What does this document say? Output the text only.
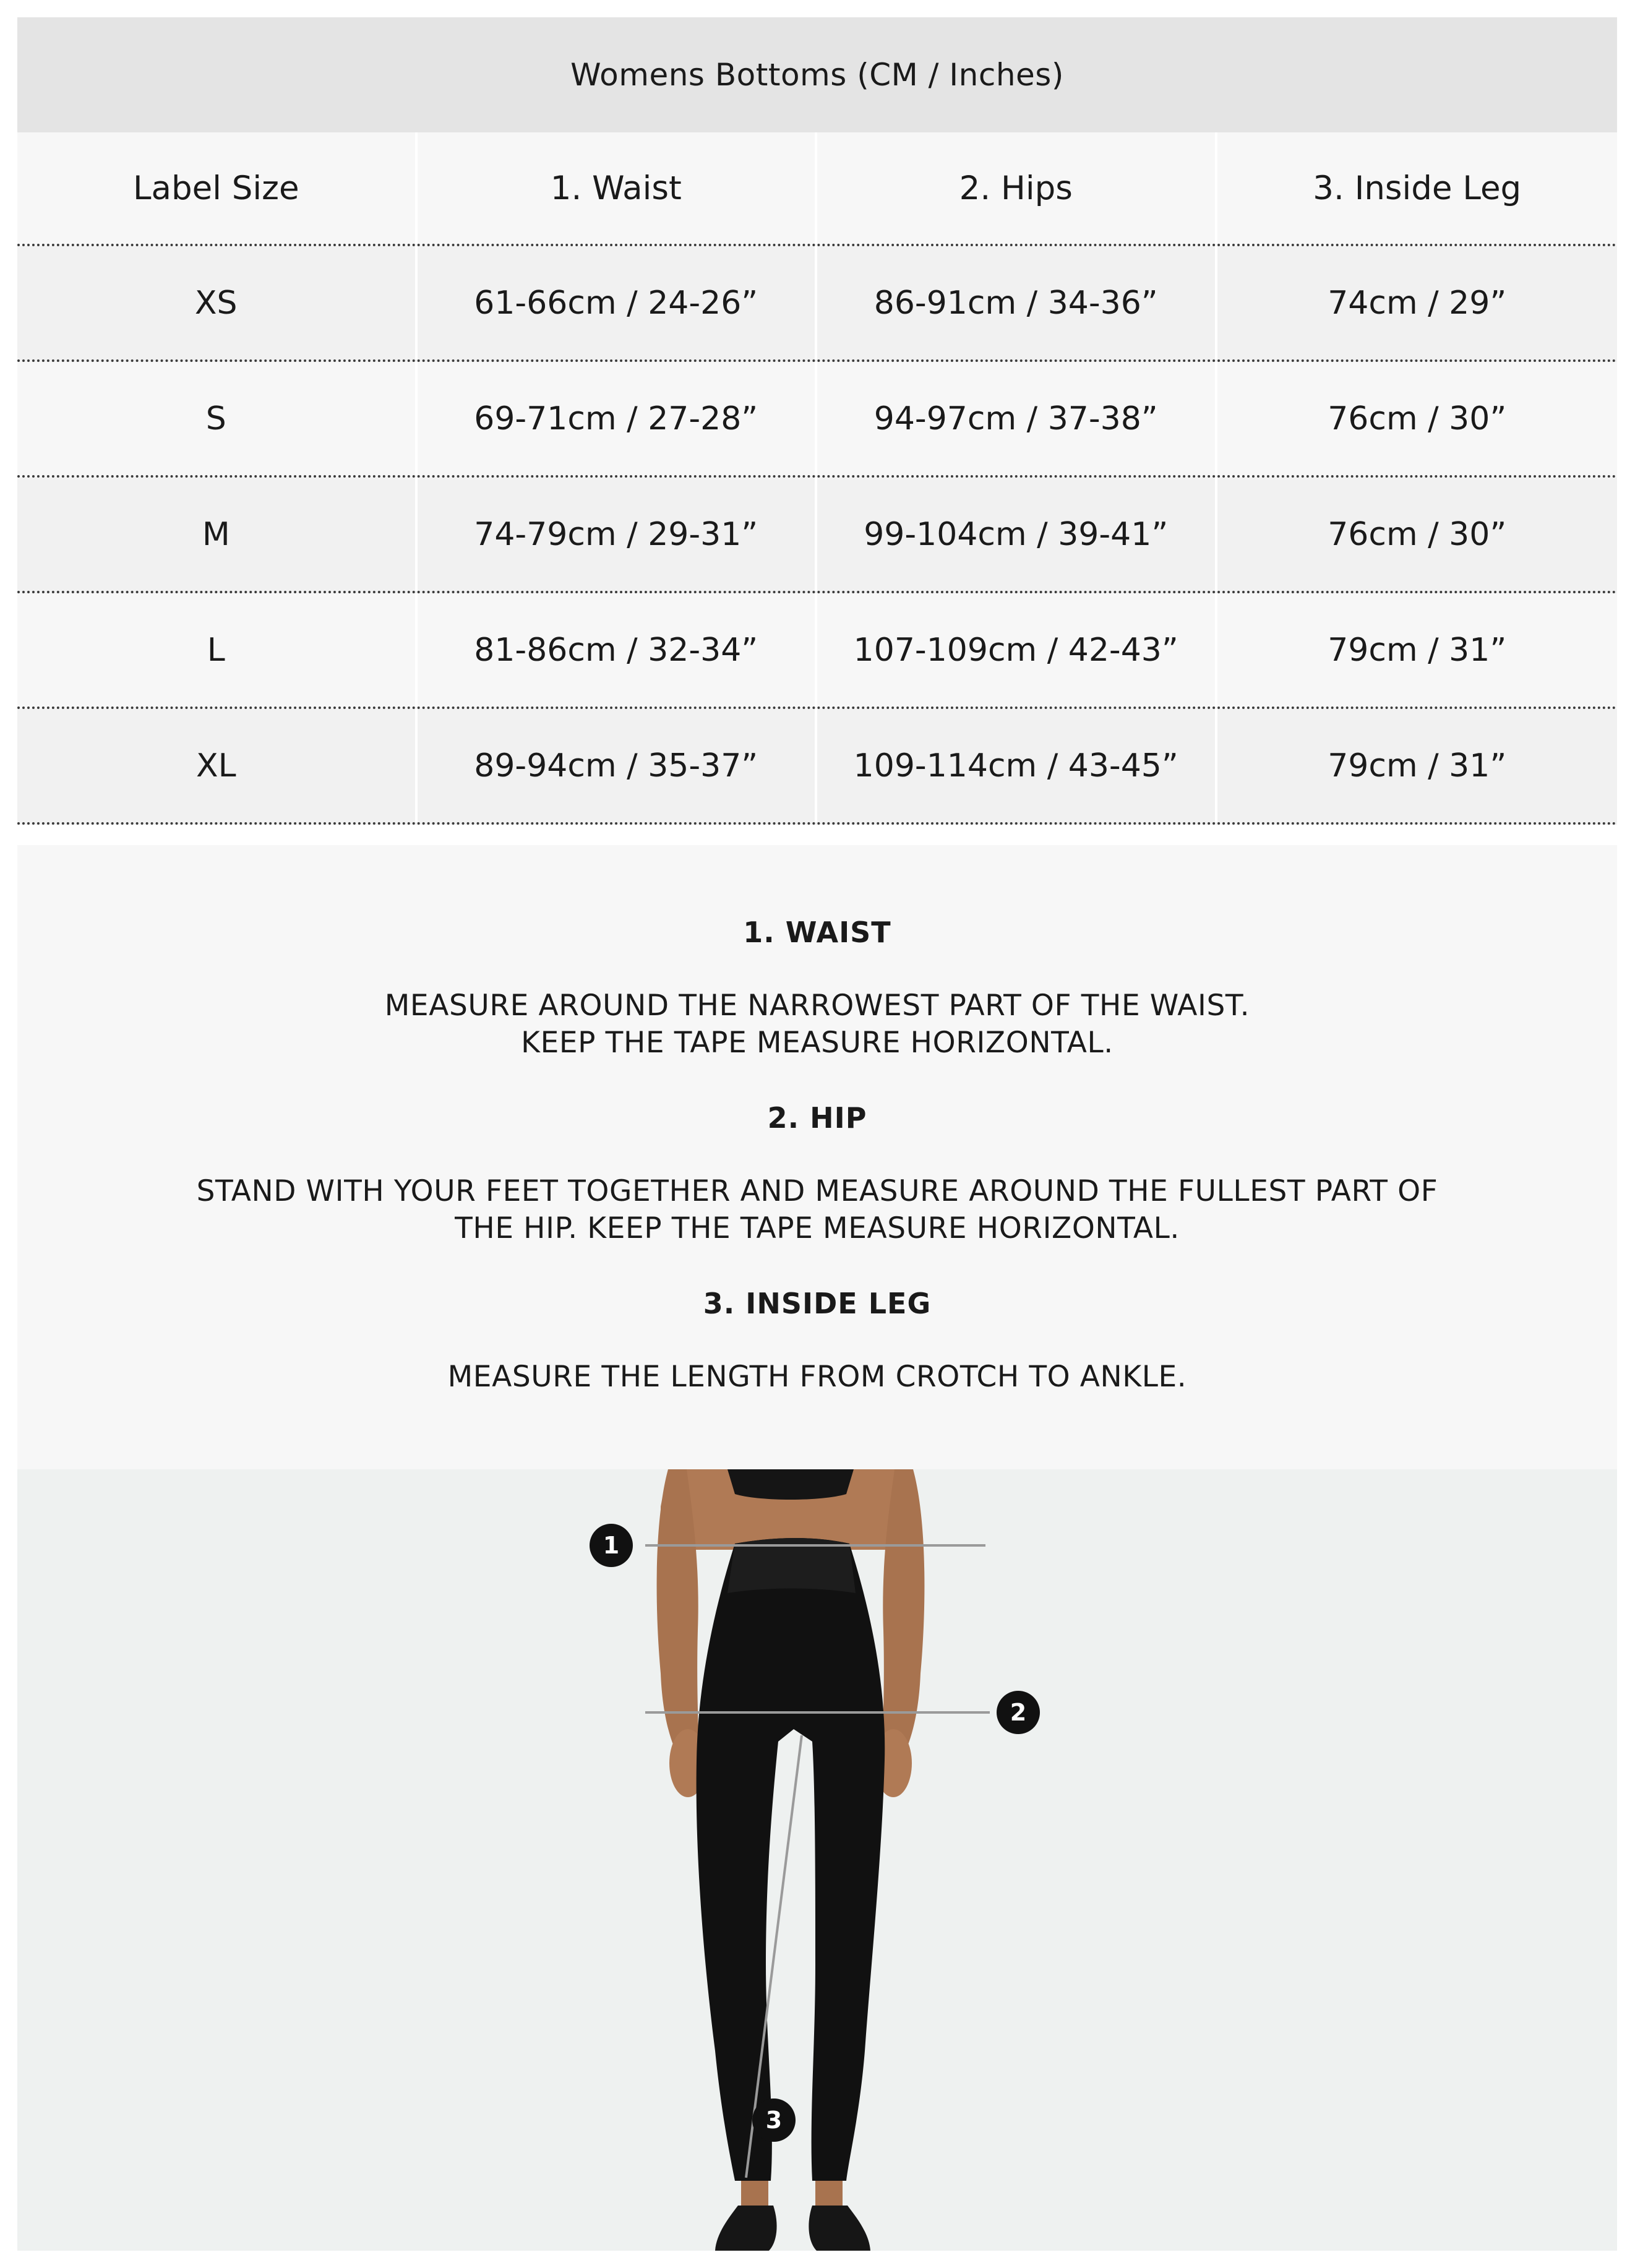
Womens Bottoms (CM / Inches)
Label Size	1. Waist	2. Hips	3. Inside Leg
XS	61-66cm / 24-26”	86-91cm / 34-36”	74cm / 29”
S	69-71cm / 27-28”	94-97cm / 37-38”	76cm / 30”
M	74-79cm / 29-31”	99-104cm / 39-41”	76cm / 30”
L	81-86cm / 32-34”	107-109cm / 42-43”	79cm / 31”
XL	89-94cm / 35-37”	109-114cm / 43-45”	79cm / 31”
1. WAIST
MEASURE AROUND THE NARROWEST PART OF THE WAIST.
KEEP THE TAPE MEASURE HORIZONTAL.
2. HIP
STAND WITH YOUR FEET TOGETHER AND MEASURE AROUND THE FULLEST PART OF
THE HIP. KEEP THE TAPE MEASURE HORIZONTAL.
3. INSIDE LEG
MEASURE THE LENGTH FROM CROTCH TO ANKLE.
1
2
3
